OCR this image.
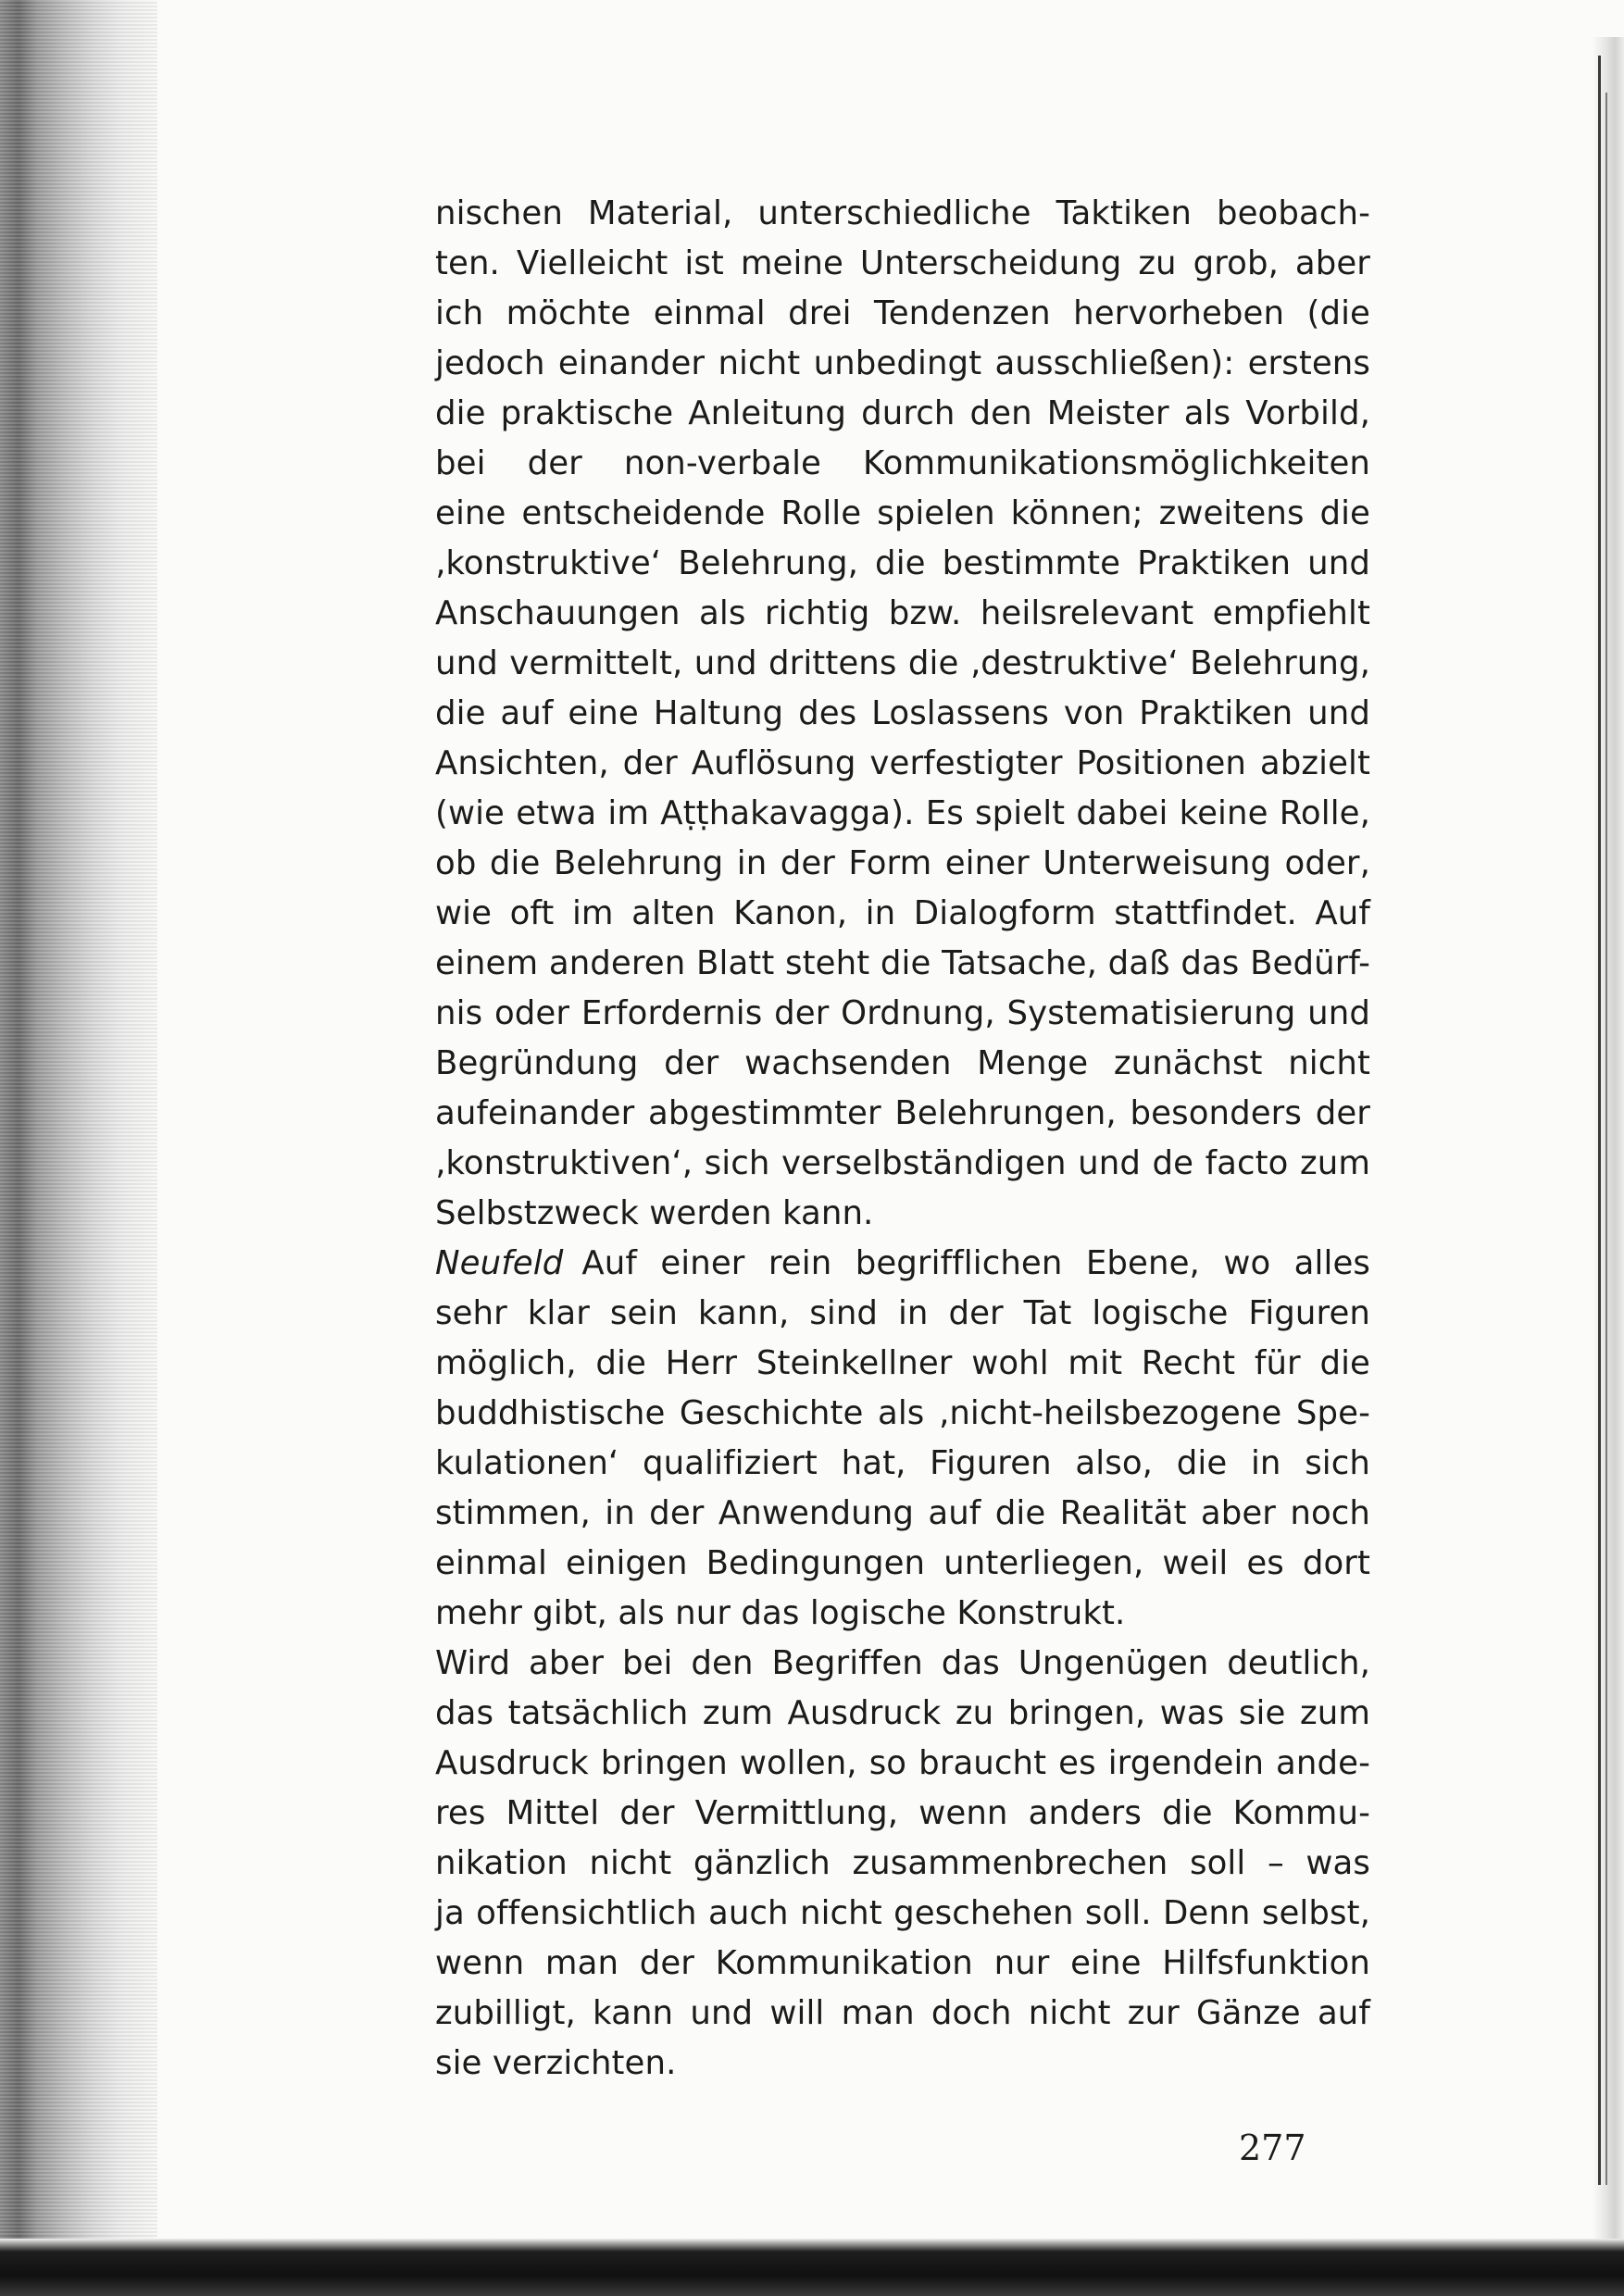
nischen Material, unterschiedliche Taktiken beobach-
ten. Vielleicht ist meine Unterscheidung zu grob, aber
ich möchte einmal drei Tendenzen hervorheben (die
jedoch einander nicht unbedingt ausschließen): erstens
die praktische Anleitung durch den Meister als Vorbild,
bei der non-verbale Kommunikationsmöglichkeiten
eine entscheidende Rolle spielen können; zweitens die
‚konstruktive‘ Belehrung, die bestimmte Praktiken und
Anschauungen als richtig bzw. heilsrelevant empfiehlt
und vermittelt, und drittens die ‚destruktive‘ Belehrung,
die auf eine Haltung des Loslassens von Praktiken und
Ansichten, der Auflösung verfestigter Positionen abzielt
(wie etwa im Aṭṭhakavagga). Es spielt dabei keine Rolle,
ob die Belehrung in der Form einer Unterweisung oder,
wie oft im alten Kanon, in Dialogform stattfindet. Auf
einem anderen Blatt steht die Tatsache, daß das Bedürf-
nis oder Erfordernis der Ordnung, Systematisierung und
Begründung der wachsenden Menge zunächst nicht
aufeinander abgestimmter Belehrungen, besonders der
‚konstruktiven‘, sich verselbständigen und de facto zum
Selbstzweck werden kann.
Neufeld Auf einer rein begrifflichen Ebene, wo alles
sehr klar sein kann, sind in der Tat logische Figuren
möglich, die Herr Steinkellner wohl mit Recht für die
buddhistische Geschichte als ‚nicht-heilsbezogene Spe-
kulationen‘ qualifiziert hat, Figuren also, die in sich
stimmen, in der Anwendung auf die Realität aber noch
einmal einigen Bedingungen unterliegen, weil es dort
mehr gibt, als nur das logische Konstrukt.
Wird aber bei den Begriffen das Ungenügen deutlich,
das tatsächlich zum Ausdruck zu bringen, was sie zum
Ausdruck bringen wollen, so braucht es irgendein ande-
res Mittel der Vermittlung, wenn anders die Kommu-
nikation nicht gänzlich zusammenbrechen soll – was
ja offensichtlich auch nicht geschehen soll. Denn selbst,
wenn man der Kommunikation nur eine Hilfsfunktion
zubilligt, kann und will man doch nicht zur Gänze auf
sie verzichten.
277
